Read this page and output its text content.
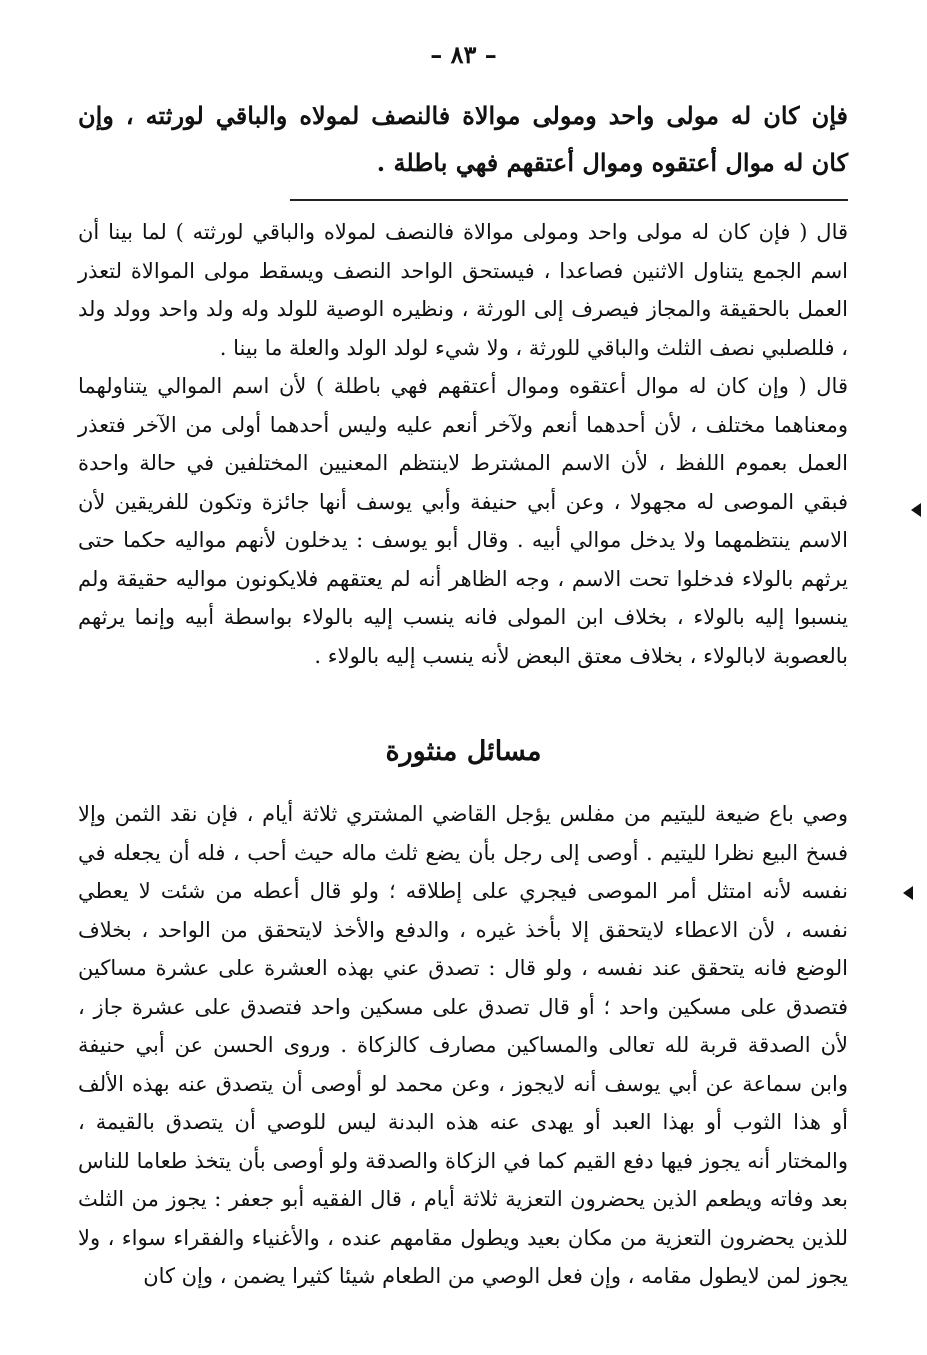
– ٨٣ –
فإن كان له مولى واحد ومولى موالاة فالنصف لمولاه والباقي لورثته ، وإن كان له موال أعتقوه وموال أعتقهم فهي باطلة .

قال ( فإن كان له مولى واحد ومولى موالاة فالنصف لمولاه والباقي لورثته ) لما بينا أن اسم الجمع يتناول الاثنين فصاعدا ، فيستحق الواحد النصف ويسقط مولى الموالاة لتعذر العمل بالحقيقة والمجاز فيصرف إلى الورثة ، ونظيره الوصية للولد وله ولد واحد وولد ولد ، فللصلبي نصف الثلث والباقي للورثة ، ولا شيء لولد الولد والعلة ما بينا .

قال ( وإن كان له موال أعتقوه وموال أعتقهم فهي باطلة ) لأن اسم الموالي يتناولهما ومعناهما مختلف ، لأن أحدهما أنعم ولآخر أنعم عليه وليس أحدهما أولى من الآخر فتعذر العمل بعموم اللفظ ، لأن الاسم المشترط لاينتظم المعنيين المختلفين في حالة واحدة فبقي الموصى له مجهولا ، وعن أبي حنيفة وأبي يوسف أنها جائزة وتكون للفريقين لأن الاسم ينتظمهما ولا يدخل موالي أبيه . وقال أبو يوسف : يدخلون لأنهم مواليه حكما حتى يرثهم بالولاء فدخلوا تحت الاسم ، وجه الظاهر أنه لم يعتقهم فلايكونون مواليه حقيقة ولم ينسبوا إليه بالولاء ، بخلاف ابن المولى فانه ينسب إليه بالولاء بواسطة أبيه وإنما يرثهم بالعصوبة لابالولاء ، بخلاف معتق البعض لأنه ينسب إليه بالولاء .

مسائل منثورة

وصي باع ضيعة لليتيم من مفلس يؤجل القاضي المشتري ثلاثة أيام ، فإن نقد الثمن وإلا فسخ البيع نظرا لليتيم . أوصى إلى رجل بأن يضع ثلث ماله حيث أحب ، فله أن يجعله في نفسه لأنه امتثل أمر الموصى فيجري على إطلاقه ؛ ولو قال أعطه من شئت لا يعطي نفسه ، لأن الاعطاء لايتحقق إلا بأخذ غيره ، والدفع والأخذ لايتحقق من الواحد ، بخلاف الوضع فانه يتحقق عند نفسه ، ولو قال : تصدق عني بهذه العشرة على عشرة مساكين فتصدق على مسكين واحد ؛ أو قال تصدق على مسكين واحد فتصدق على عشرة جاز ، لأن الصدقة قربة لله تعالى والمساكين مصارف كالزكاة . وروى الحسن عن أبي حنيفة وابن سماعة عن أبي يوسف أنه لايجوز ، وعن محمد لو أوصى أن يتصدق عنه بهذه الألف أو هذا الثوب أو بهذا العبد أو يهدى عنه هذه البدنة ليس للوصي أن يتصدق بالقيمة ، والمختار أنه يجوز فيها دفع القيم كما في الزكاة والصدقة ولو أوصى بأن يتخذ طعاما للناس بعد وفاته ويطعم الذين يحضرون التعزية ثلاثة أيام ، قال الفقيه أبو جعفر : يجوز من الثلث للذين يحضرون التعزية من مكان بعيد ويطول مقامهم عنده ، والأغنياء والفقراء سواء ، ولا يجوز لمن لايطول مقامه ، وإن فعل الوصي من الطعام شيئا كثيرا يضمن ، وإن كان
